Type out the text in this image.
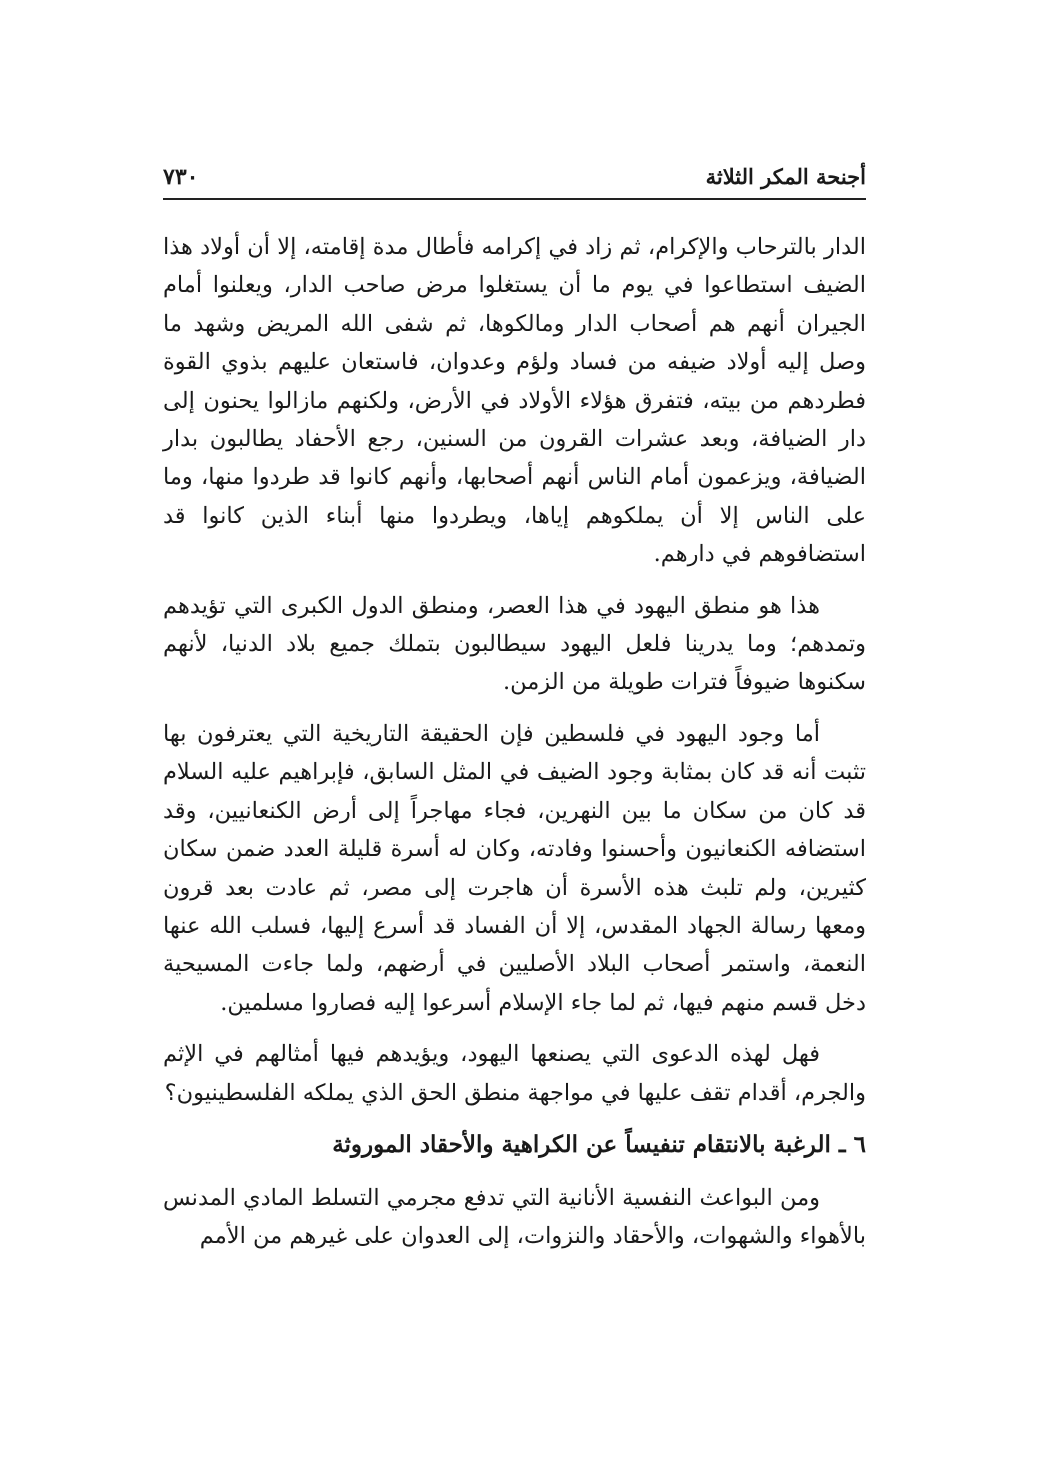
أجنحة المكر الثلاثة
٧٣٠

الدار بالترحاب والإكرام، ثم زاد في إكرامه فأطال مدة إقامته، إلا أن أولاد هذا الضيف استطاعوا في يوم ما أن يستغلوا مرض صاحب الدار، ويعلنوا أمام الجيران أنهم هم أصحاب الدار ومالكوها، ثم شفى الله المريض وشهد ما وصل إليه أولاد ضيفه من فساد ولؤم وعدوان، فاستعان عليهم بذوي القوة فطردهم من بيته، فتفرق هؤلاء الأولاد في الأرض، ولكنهم مازالوا يحنون إلى دار الضيافة، وبعد عشرات القرون من السنين، رجع الأحفاد يطالبون بدار الضيافة، ويزعمون أمام الناس أنهم أصحابها، وأنهم كانوا قد طردوا منها، وما على الناس إلا أن يملكوهم إياها، ويطردوا منها أبناء الذين كانوا قد استضافوهم في دارهم.

هذا هو منطق اليهود في هذا العصر، ومنطق الدول الكبرى التي تؤيدهم وتمدهم؛ وما يدرينا فلعل اليهود سيطالبون بتملك جميع بلاد الدنيا، لأنهم سكنوها ضيوفاً فترات طويلة من الزمن.

أما وجود اليهود في فلسطين فإن الحقيقة التاريخية التي يعترفون بها تثبت أنه قد كان بمثابة وجود الضيف في المثل السابق، فإبراهيم عليه السلام قد كان من سكان ما بين النهرين، فجاء مهاجراً إلى أرض الكنعانيين، وقد استضافه الكنعانيون وأحسنوا وفادته، وكان له أسرة قليلة العدد ضمن سكان كثيرين، ولم تلبث هذه الأسرة أن هاجرت إلى مصر، ثم عادت بعد قرون ومعها رسالة الجهاد المقدس، إلا أن الفساد قد أسرع إليها، فسلب الله عنها النعمة، واستمر أصحاب البلاد الأصليين في أرضهم، ولما جاءت المسيحية دخل قسم منهم فيها، ثم لما جاء الإسلام أسرعوا إليه فصاروا مسلمين.

فهل لهذه الدعوى التي يصنعها اليهود، ويؤيدهم فيها أمثالهم في الإثم والجرم، أقدام تقف عليها في مواجهة منطق الحق الذي يملكه الفلسطينيون؟

٦ ـ الرغبة بالانتقام تنفيساً عن الكراهية والأحقاد الموروثة

ومن البواعث النفسية الأنانية التي تدفع مجرمي التسلط المادي المدنس بالأهواء والشهوات، والأحقاد والنزوات، إلى العدوان على غيرهم من الأمم
